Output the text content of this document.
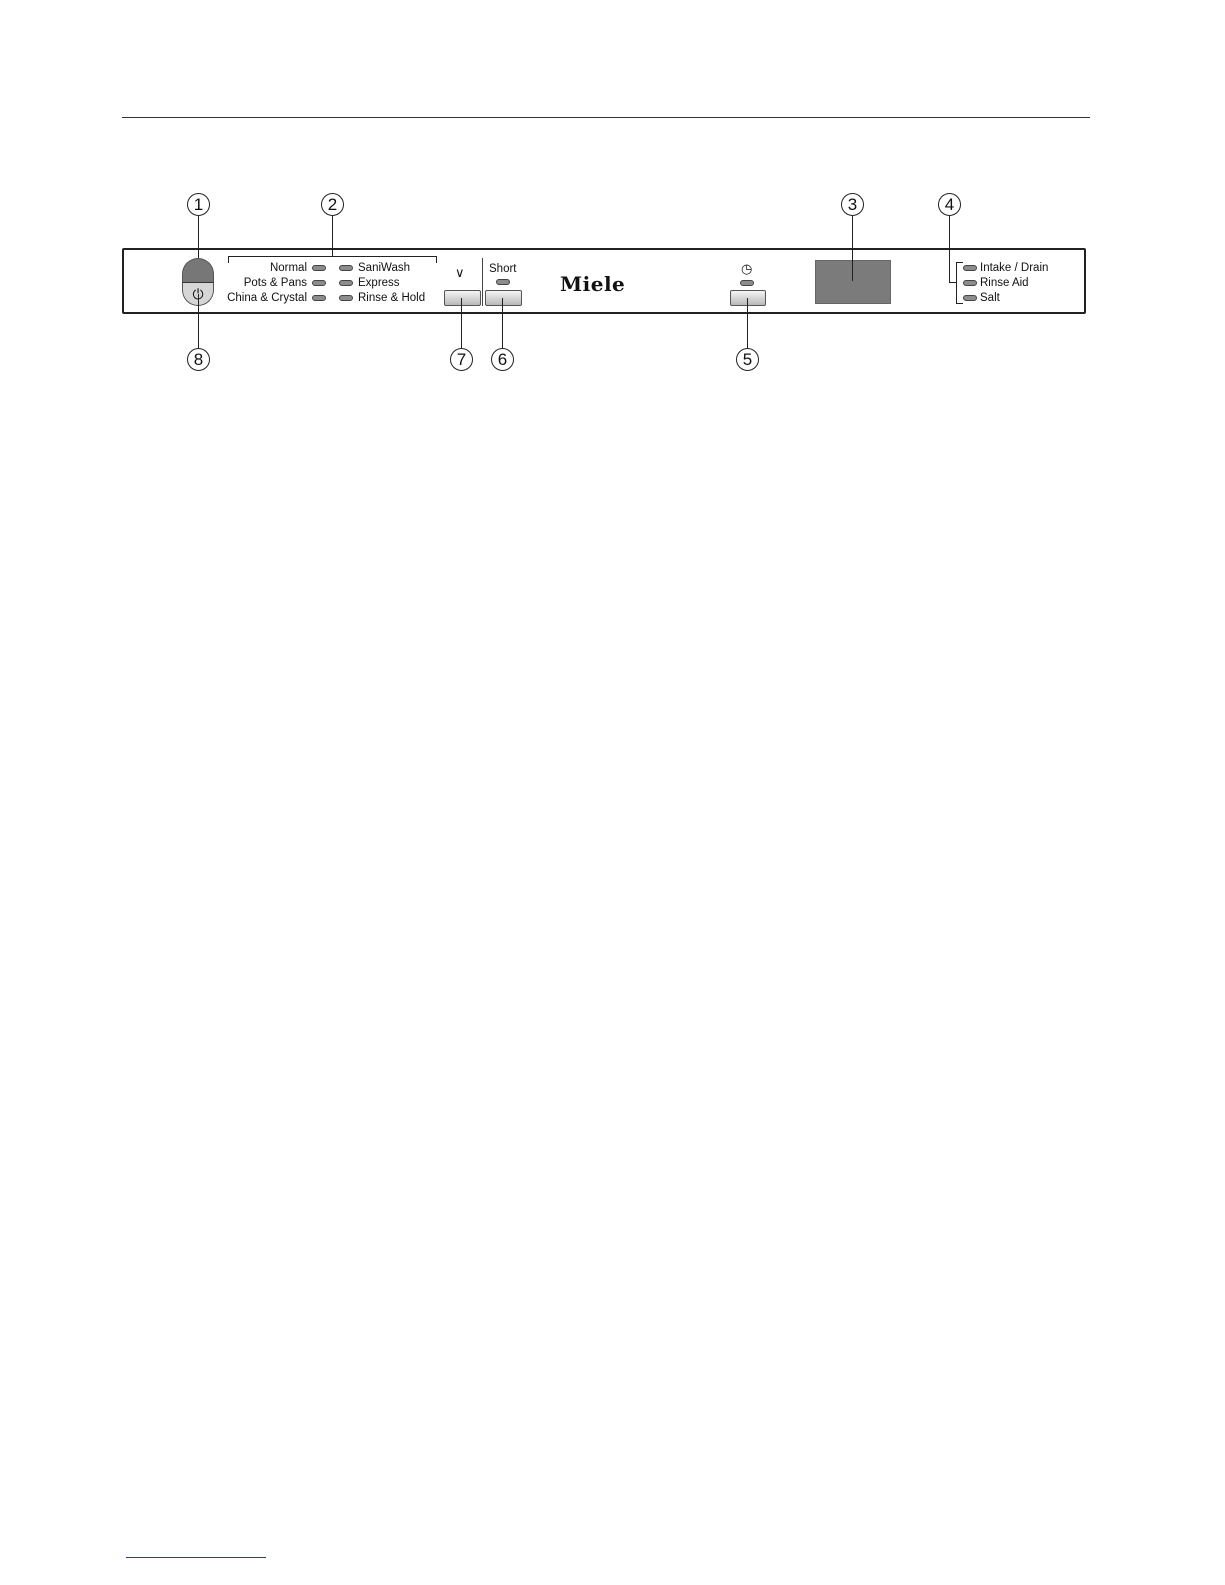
1	2	3	4
5
6
7
8
⏻
Normal
Pots & Pans
China & Crystal
SaniWash
Express
Rinse & Hold
∨ Short
Miele
◷	Intake / Drain
Rinse Aid
Salt
